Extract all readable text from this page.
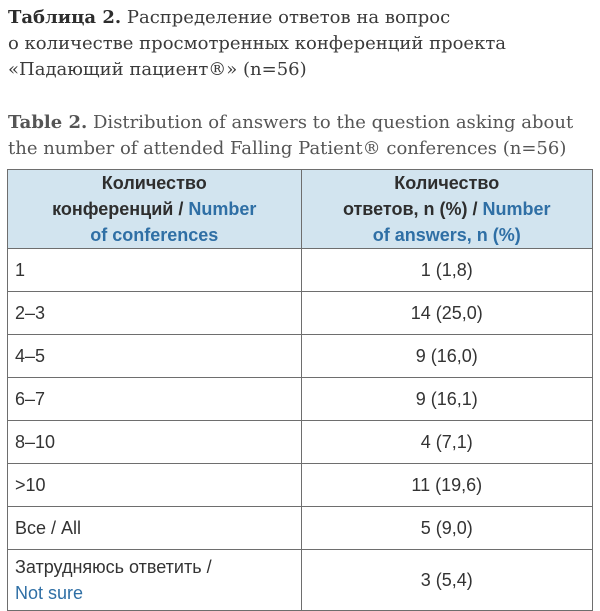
Таблица 2. Распределение ответов на вопрос
о количестве просмотренных конференций проекта
«Падающий пациент®» (n=56)
Table 2. Distribution of answers to the question asking about
the number of attended Falling Patient® conferences (n=56)
Количество
конференций / Number
of conferences	Количество
ответов, n (%) / Number
of answers, n (%)
1	1 (1,8)
2–3	14 (25,0)
4–5	9 (16,0)
6–7	9 (16,1)
8–10	4 (7,1)
>10	11 (19,6)
Все / All	5 (9,0)
Затрудняюсь ответить /
Not sure	3 (5,4)
